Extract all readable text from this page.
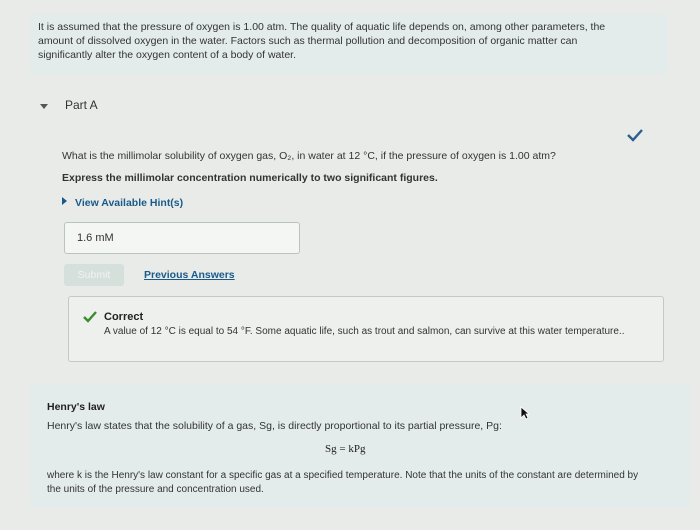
It is assumed that the pressure of oxygen is 1.00 atm. The quality of aquatic life depends on, among other parameters, the
amount of dissolved oxygen in the water. Factors such as thermal pollution and decomposition of organic matter can
significantly alter the oxygen content of a body of water.
Part A
What is the millimolar solubility of oxygen gas, O₂, in water at 12 °C, if the pressure of oxygen is 1.00 atm?
Express the millimolar concentration numerically to two significant figures.
View Available Hint(s)
1.6 mM
Submit	Previous Answers
Correct
A value of 12 °C is equal to 54 °F. Some aquatic life, such as trout and salmon, can survive at this water temperature..
Henry's law
Henry's law states that the solubility of a gas, Sg, is directly proportional to its partial pressure, Pg:
Sg = kPg
where k is the Henry's law constant for a specific gas at a specified temperature. Note that the units of the constant are determined by the units of the pressure and concentration used.
